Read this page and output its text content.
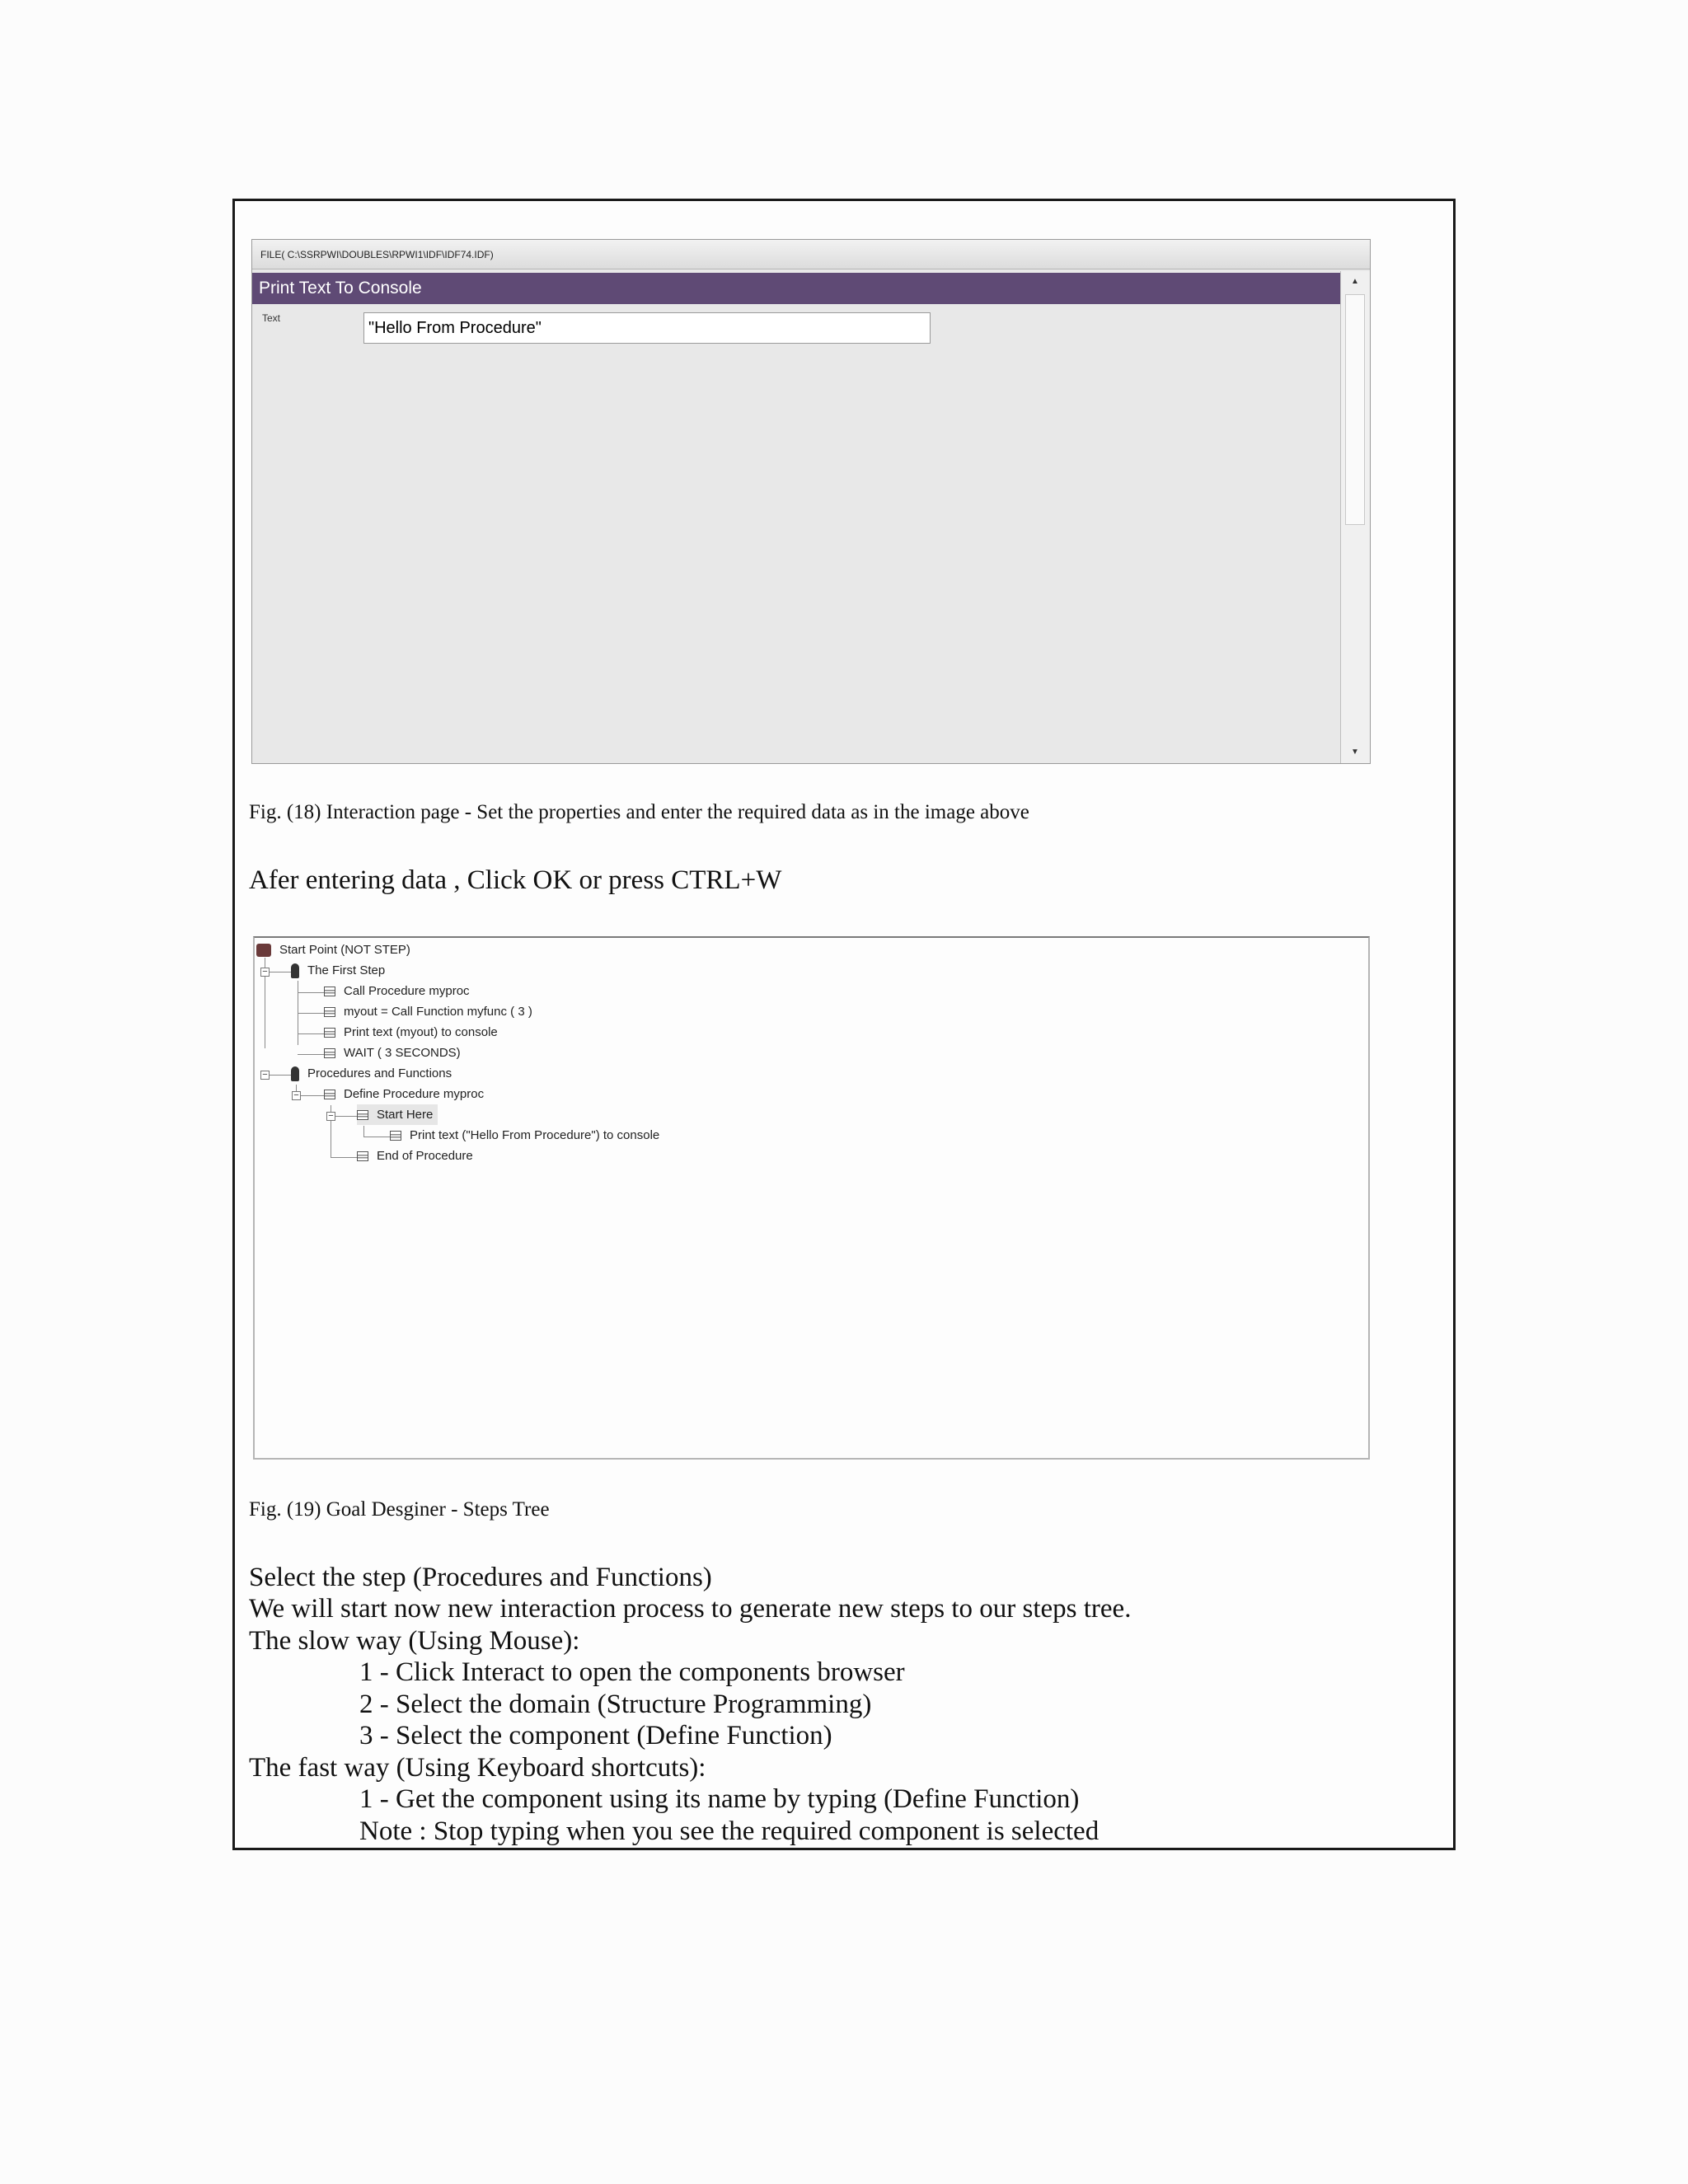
FILE( C:\SSRPWI\DOUBLES\RPWI1\IDF\IDF74.IDF)
Print Text To Console
Text
"Hello From Procedure"
▲
▼
Fig. (18) Interaction page - Set the properties and enter the required data as in the image above
Afer entering data , Click OK or press CTRL+W
−
−
−
−
Start Point (NOT STEP)
The First Step
Call Procedure myproc
myout = Call Function myfunc ( 3 )
Print text (myout) to console
WAIT ( 3 SECONDS)
Procedures and Functions
Define Procedure myproc
Start Here
Print text ("Hello From Procedure") to console
End of Procedure
Fig. (19) Goal Desginer - Steps Tree
Select the step (Procedures and Functions)
We will start now new interaction process to generate new steps to our steps tree.
The slow way (Using Mouse):
1 - Click Interact to open the components browser
2 - Select the domain (Structure Programming)
3 - Select the component (Define Function)
The fast way (Using Keyboard shortcuts):
1 - Get the component using its name by typing (Define Function)
Note : Stop typing when you see the required component is selected
